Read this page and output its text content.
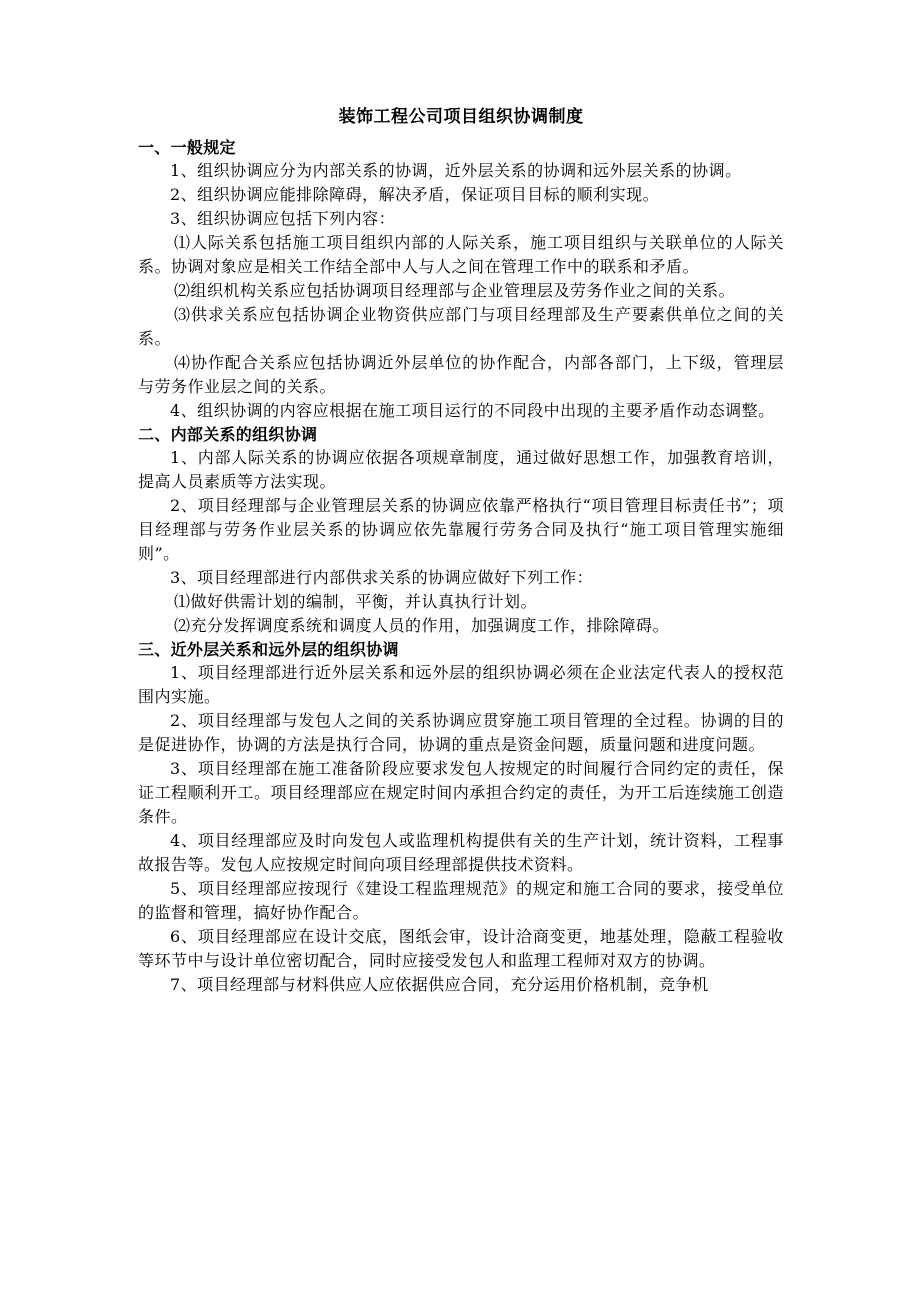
装饰工程公司项目组织协调制度
一、一般规定

1、组织协调应分为内部关系的协调，近外层关系的协调和远外层关系的协调。

2、组织协调应能排除障碍，解决矛盾，保证项目目标的顺利实现。

3、组织协调应包括下列内容：

⑴人际关系包括施工项目组织内部的人际关系，施工项目组织与关联单位的人际关系。协调对象应是相关工作结全部中人与人之间在管理工作中的联系和矛盾。

⑵组织机构关系应包括协调项目经理部与企业管理层及劳务作业之间的关系。

⑶供求关系应包括协调企业物资供应部门与项目经理部及生产要素供单位之间的关系。

⑷协作配合关系应包括协调近外层单位的协作配合，内部各部门，上下级，管理层与劳务作业层之间的关系。

4、组织协调的内容应根据在施工项目运行的不同段中出现的主要矛盾作动态调整。

二、内部关系的组织协调

1、内部人际关系的协调应依据各项规章制度，通过做好思想工作，加强教育培训，提高人员素质等方法实现。

2、项目经理部与企业管理层关系的协调应依靠严格执行“项目管理目标责任书”；项目经理部与劳务作业层关系的协调应依先靠履行劳务合同及执行“施工项目管理实施细则”。

3、项目经理部进行内部供求关系的协调应做好下列工作：

⑴做好供需计划的编制，平衡，并认真执行计划。

⑵充分发挥调度系统和调度人员的作用，加强调度工作，排除障碍。

三、近外层关系和远外层的组织协调

1、项目经理部进行近外层关系和远外层的组织协调必须在企业法定代表人的授权范围内实施。

2、项目经理部与发包人之间的关系协调应贯穿施工项目管理的全过程。协调的目的是促进协作，协调的方法是执行合同，协调的重点是资金问题，质量问题和进度问题。

3、项目经理部在施工准备阶段应要求发包人按规定的时间履行合同约定的责任，保证工程顺利开工。项目经理部应在规定时间内承担合约定的责任，为开工后连续施工创造条件。

4、项目经理部应及时向发包人或监理机构提供有关的生产计划，统计资料，工程事故报告等。发包人应按规定时间向项目经理部提供技术资料。

5、项目经理部应按现行《建设工程监理规范》的规定和施工合同的要求，接受单位的监督和管理，搞好协作配合。

6、项目经理部应在设计交底，图纸会审，设计洽商变更，地基处理，隐蔽工程验收等环节中与设计单位密切配合，同时应接受发包人和监理工程师对双方的协调。

7、项目经理部与材料供应人应依据供应合同，充分运用价格机制，竞争机
